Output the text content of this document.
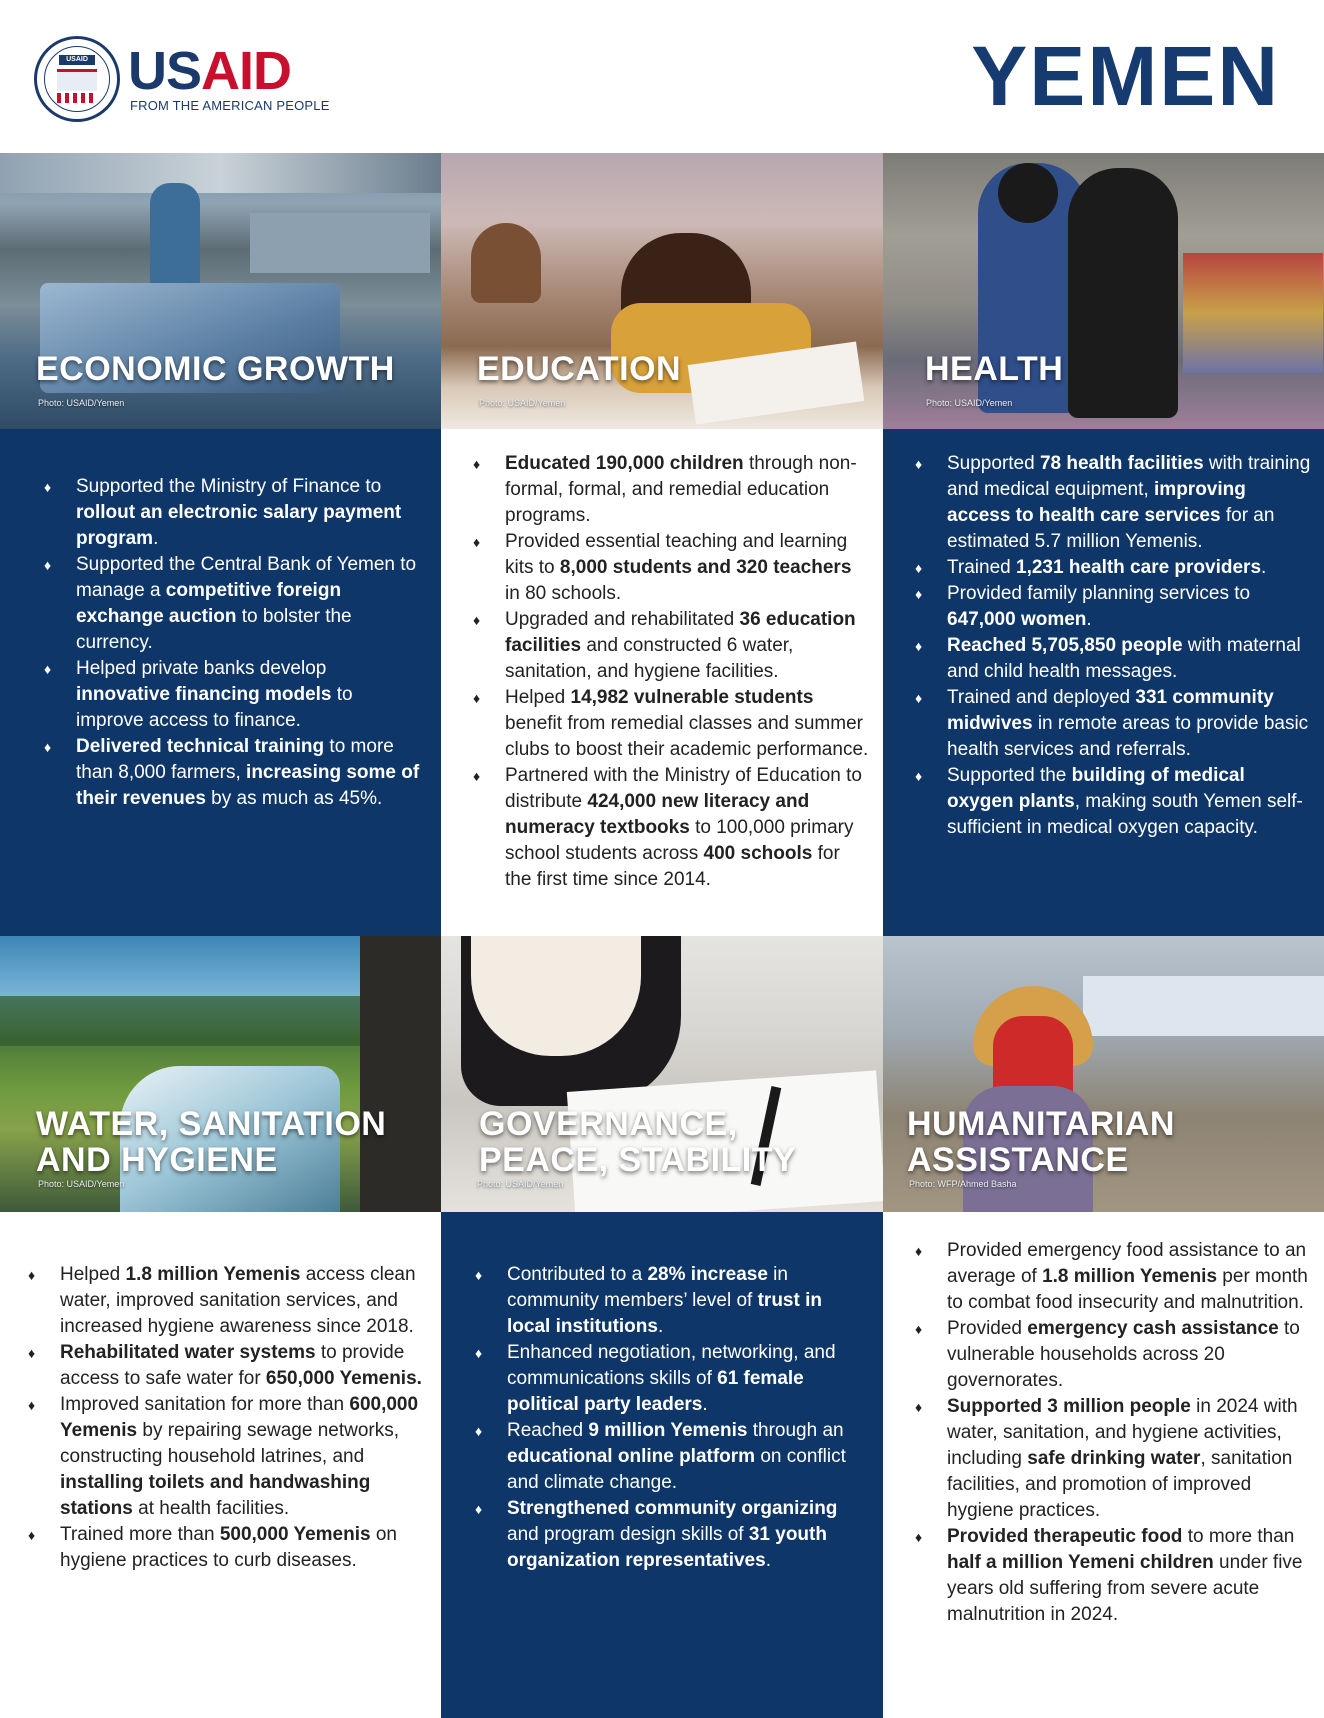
USAID USAID
FROM THE AMERICAN PEOPLE	YEMEN
ECONOMIC GROWTH
Photo: USAID/Yemen
EDUCATION
Photo: USAID/Yemen
HEALTH
Photo: USAID/Yemen
♦ Supported the Ministry of Finance to rollout an electronic salary payment program.
♦ Supported the Central Bank of Yemen to manage a competitive foreign exchange auction to bolster the currency.
♦ Helped private banks develop innovative financing models to improve access to finance.
♦ Delivered technical training to more than 8,000 farmers, increasing some of their revenues by as much as 45%.
♦ Educated 190,000 children through non-formal, formal, and remedial education programs.
♦ Provided essential teaching and learning kits to 8,000 students and 320 teachers in 80 schools.
♦ Upgraded and rehabilitated 36 education facilities and constructed 6 water, sanitation, and hygiene facilities.
♦ Helped 14,982 vulnerable students benefit from remedial classes and summer clubs to boost their academic performance.
♦ Partnered with the Ministry of Education to distribute 424,000 new literacy and numeracy textbooks to 100,000 primary school students across 400 schools for the first time since 2014.
♦ Supported 78 health facilities with training and medical equipment, improving access to health care services for an estimated 5.7 million Yemenis.
♦ Trained 1,231 health care providers.
♦ Provided family planning services to 647,000 women.
♦ Reached 5,705,850 people with maternal and child health messages.
♦ Trained and deployed 331 community midwives in remote areas to provide basic health services and referrals.
♦ Supported the building of medical oxygen plants, making south Yemen self-sufficient in medical oxygen capacity.
WATER, SANITATION
AND HYGIENE
Photo: USAID/Yemen
GOVERNANCE,
PEACE, STABILITY
Photo: USAID/Yemen
HUMANITARIAN
ASSISTANCE
Photo: WFP/Ahmed Basha
♦ Helped 1.8 million Yemenis access clean water, improved sanitation services, and increased hygiene awareness since 2018.
♦ Rehabilitated water systems to provide access to safe water for 650,000 Yemenis.
♦ Improved sanitation for more than 600,000 Yemenis by repairing sewage networks, constructing household latrines, and installing toilets and handwashing stations at health facilities.
♦ Trained more than 500,000 Yemenis on hygiene practices to curb diseases.
♦ Contributed to a 28% increase in community members’ level of trust in local institutions.
♦ Enhanced negotiation, networking, and communications skills of 61 female political party leaders.
♦ Reached 9 million Yemenis through an educational online platform on conflict and climate change.
♦ Strengthened community organizing and program design skills of 31 youth organization representatives.
♦ Provided emergency food assistance to an average of 1.8 million Yemenis per month to combat food insecurity and malnutrition.
♦ Provided emergency cash assistance to vulnerable households across 20 governorates.
♦ Supported 3 million people in 2024 with water, sanitation, and hygiene activities, including safe drinking water, sanitation facilities, and promotion of improved hygiene practices.
♦ Provided therapeutic food to more than half a million Yemeni children under five years old suffering from severe acute malnutrition in 2024.
